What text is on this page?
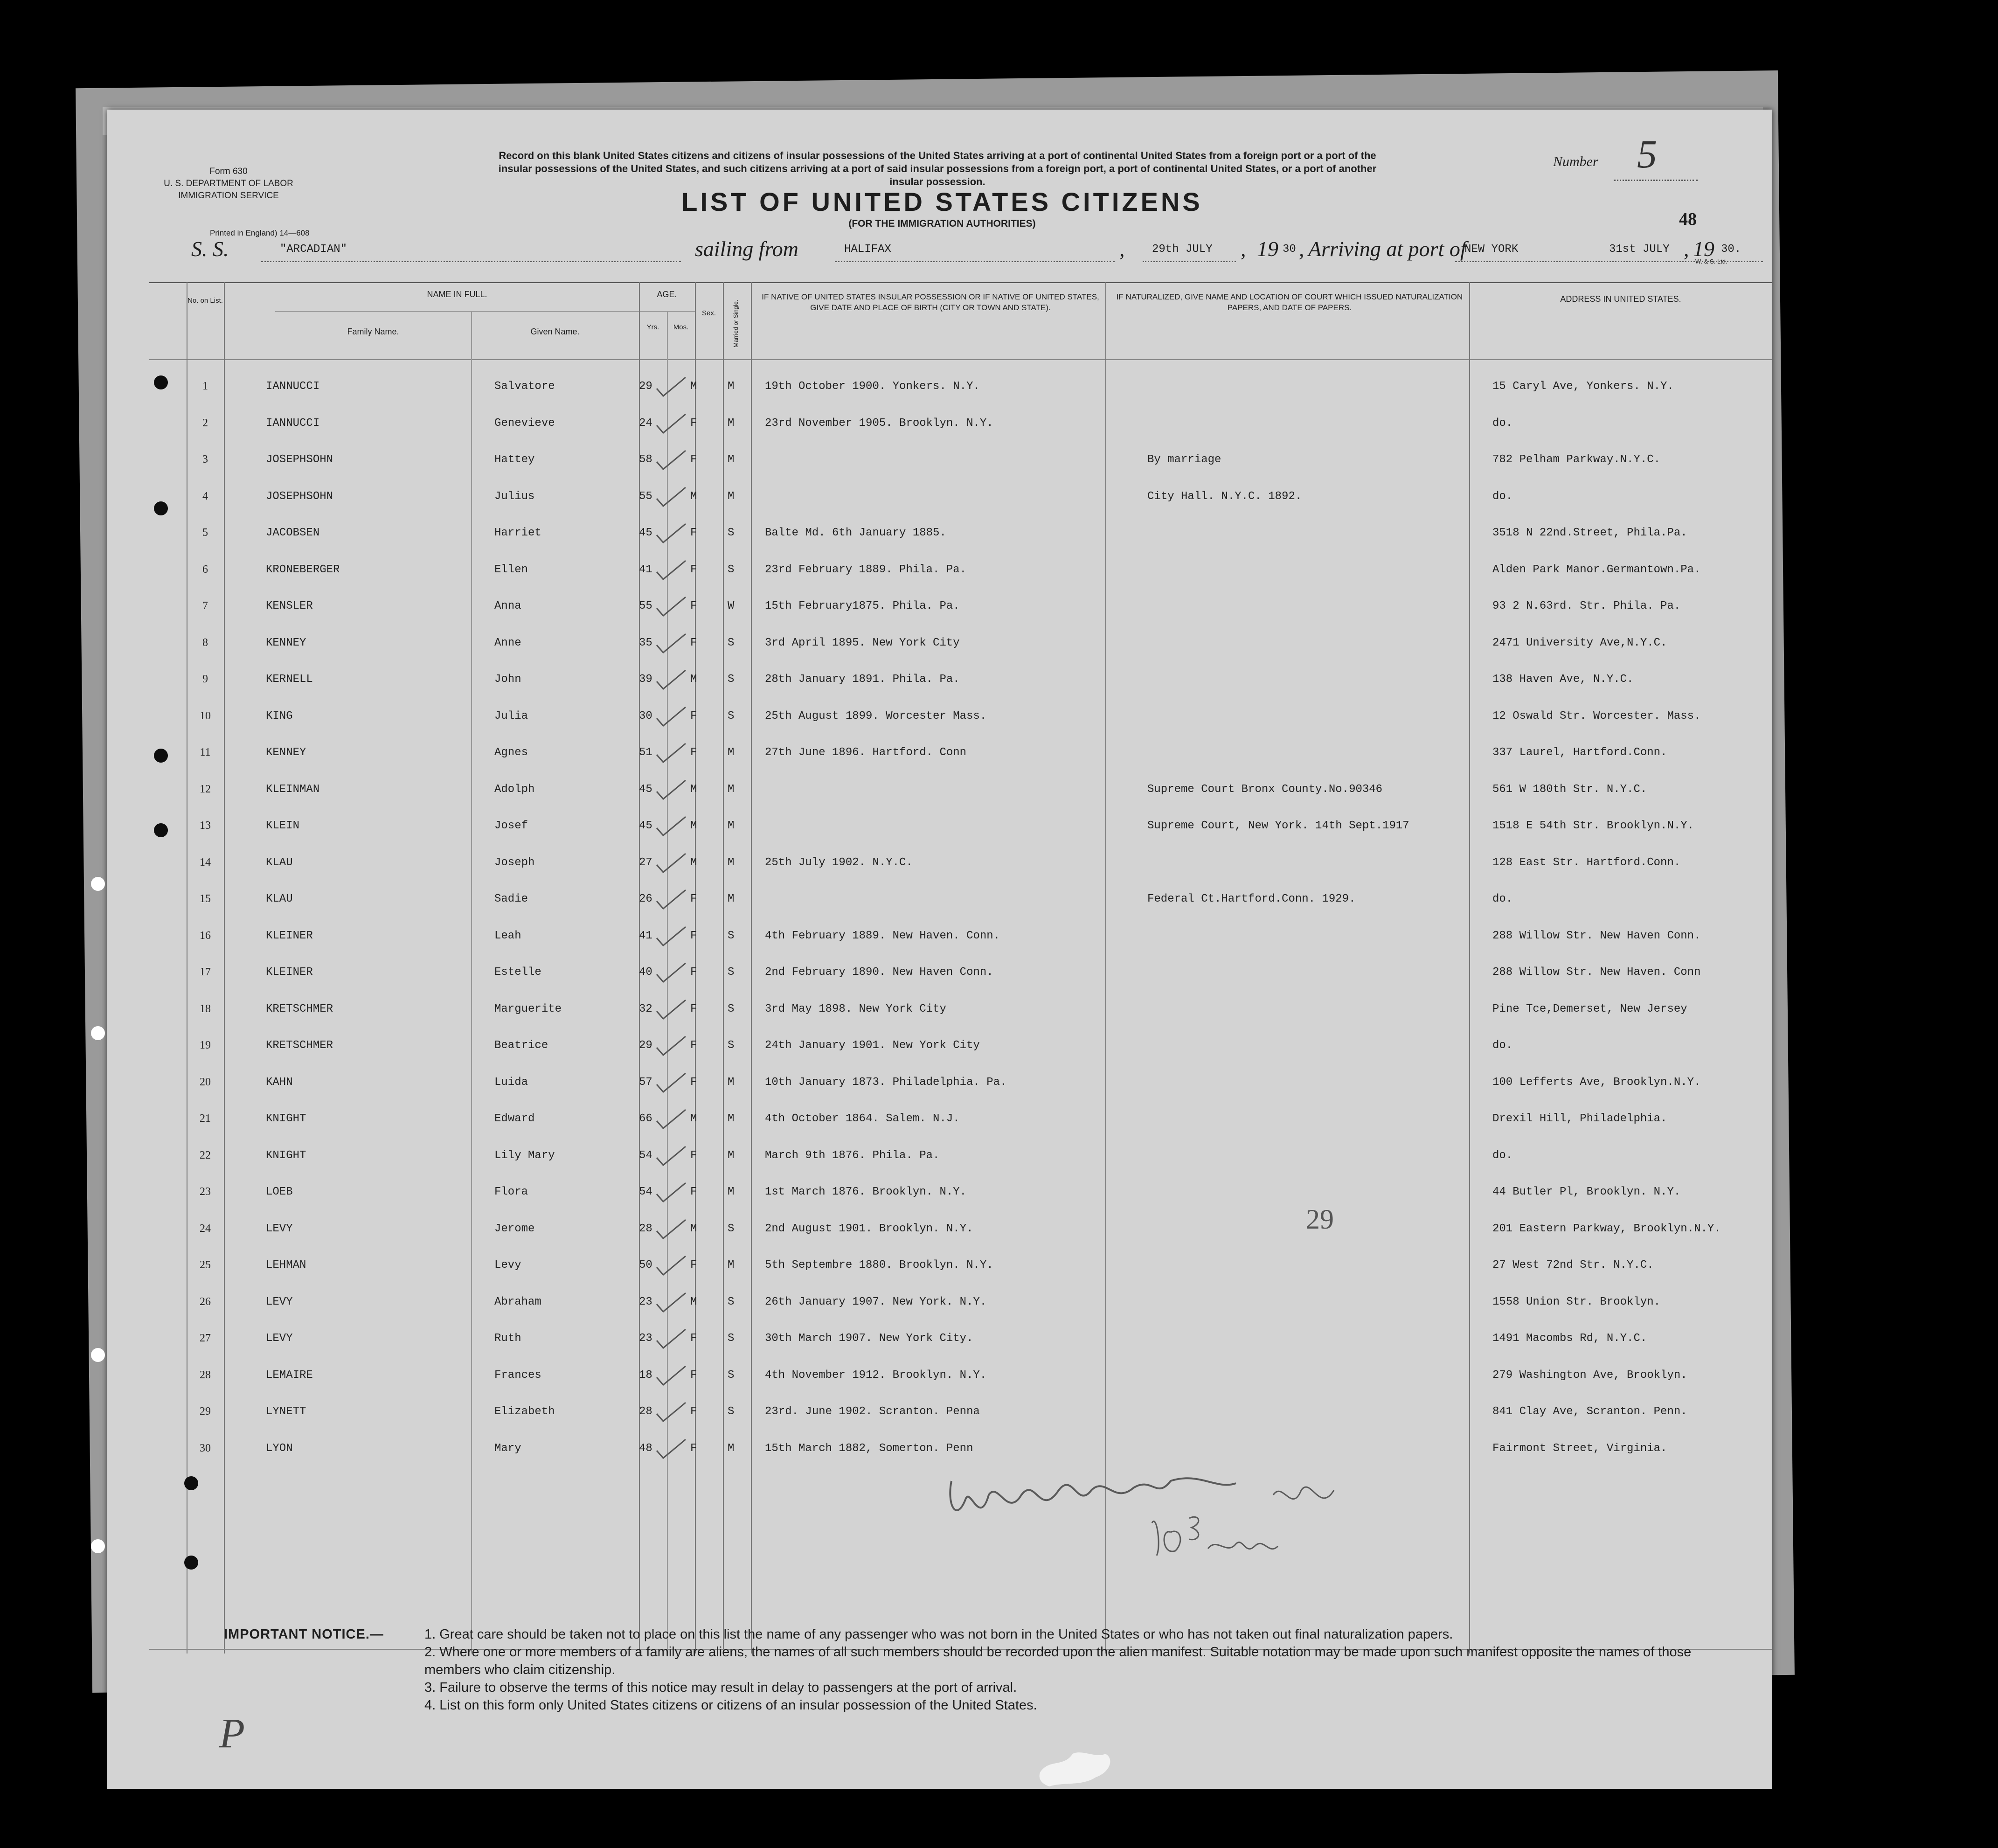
Form 630
U. S. DEPARTMENT OF LABOR
IMMIGRATION SERVICE
Printed in England) 14—608
Record on this blank United States citizens and citizens of insular possessions of the United States arriving at a port of continental United States from a foreign port or a port of the insular possessions of the United States, and such citizens arriving at a port of said insular possessions from a foreign port, a port of continental United States, or a port of another insular possession.
LIST OF UNITED STATES CITIZENS
(FOR THE IMMIGRATION AUTHORITIES)
Number 5
48
W. & S. Ltd.
S. S.	"ARCADIAN"	sailing from	HALIFAX	, 29th JULY , 19 30 , Arriving at port of
NEW YORK	31st JULY , 19 30.
No. on List.
NAME IN FULL.
Family Name.	Given Name.
AGE.
Yrs.	Mos.
Sex.	Married or Single.
IF NATIVE OF UNITED STATES INSULAR POSSESSION OR IF NATIVE OF UNITED STATES, GIVE DATE AND PLACE OF BIRTH (CITY OR TOWN AND STATE).
IF NATURALIZED, GIVE NAME AND LOCATION OF COURT WHICH ISSUED NATURALIZATION PAPERS, AND DATE OF PAPERS.
ADDRESS IN UNITED STATES.
1	IANNUCCI	Salvatore	29	M	M	19th October 1900. Yonkers. N.Y.	15 Caryl Ave, Yonkers. N.Y.
2	IANNUCCI	Genevieve	24	F	M	23rd November 1905. Brooklyn. N.Y.	do.
3	JOSEPHSOHN	Hattey	58	F	M	By marriage	782 Pelham Parkway.N.Y.C.
4	JOSEPHSOHN	Julius	55	M	M	City Hall. N.Y.C. 1892.	do.
5	JACOBSEN	Harriet	45	F	S	Balte Md. 6th January 1885.	3518 N 22nd.Street, Phila.Pa.
6	KRONEBERGER	Ellen	41	F	S	23rd February 1889. Phila. Pa.	Alden Park Manor.Germantown.Pa.
7	KENSLER	Anna	55	F	W	15th February1875. Phila. Pa.	93 2 N.63rd. Str. Phila. Pa.
8	KENNEY	Anne	35	F	S	3rd April 1895. New York City	2471 University Ave,N.Y.C.
9	KERNELL	John	39	M	S	28th January 1891. Phila. Pa.	138 Haven Ave, N.Y.C.
10	KING	Julia	30	F	S	25th August 1899. Worcester Mass.	12 Oswald Str. Worcester. Mass.
11	KENNEY	Agnes	51	F	M	27th June 1896. Hartford. Conn	337 Laurel, Hartford.Conn.
12	KLEINMAN	Adolph	45	M	M	Supreme Court Bronx County.No.90346	561 W 180th Str. N.Y.C.
13	KLEIN	Josef	45	M	M	Supreme Court, New York. 14th Sept.1917	1518 E 54th Str. Brooklyn.N.Y.
14	KLAU	Joseph	27	M	M	25th July 1902. N.Y.C.	128 East Str. Hartford.Conn.
15	KLAU	Sadie	26	F	M	Federal Ct.Hartford.Conn. 1929.	do.
16	KLEINER	Leah	41	F	S	4th February 1889. New Haven. Conn.	288 Willow Str. New Haven Conn.
17	KLEINER	Estelle	40	F	S	2nd February 1890. New Haven Conn.	288 Willow Str. New Haven. Conn
18	KRETSCHMER	Marguerite	32	F	S	3rd May 1898. New York City	Pine Tce,Demerset, New Jersey
19	KRETSCHMER	Beatrice	29	F	S	24th January 1901. New York City	do.
20	KAHN	Luida	57	F	M	10th January 1873. Philadelphia. Pa.	100 Lefferts Ave, Brooklyn.N.Y.
21	KNIGHT	Edward	66	M	M	4th October 1864. Salem. N.J.	Drexil Hill, Philadelphia.
22	KNIGHT	Lily Mary	54	F	M	March 9th 1876. Phila. Pa.	do.
23	LOEB	Flora	54	F	M	1st March 1876. Brooklyn. N.Y.	44 Butler Pl, Brooklyn. N.Y.
24	LEVY	Jerome	28	M	S	2nd August 1901. Brooklyn. N.Y.	201 Eastern Parkway, Brooklyn.N.Y.
25	LEHMAN	Levy	50	F	M	5th Septembre 1880. Brooklyn. N.Y.	27 West 72nd Str. N.Y.C.
26	LEVY	Abraham	23	M	S	26th January 1907. New York. N.Y.	1558 Union Str. Brooklyn.
27	LEVY	Ruth	23	F	S	30th March 1907. New York City.	1491 Macombs Rd, N.Y.C.
28	LEMAIRE	Frances	18	F	S	4th November 1912. Brooklyn. N.Y.	279 Washington Ave, Brooklyn.
29	LYNETT	Elizabeth	28	F	S	23rd. June 1902. Scranton. Penna	841 Clay Ave, Scranton. Penn.
30	LYON	Mary	48	F	M	15th March 1882, Somerton. Penn	Fairmont Street, Virginia.
29
IMPORTANT NOTICE.—	1. Great care should be taken not to place on this list the name of any passenger who was not born in the United States or who has not taken out final naturalization papers.
2. Where one or more members of a family are aliens, the names of all such members should be recorded upon the alien manifest. Suitable notation may be made upon such manifest opposite the names of those members who claim citizenship.
3. Failure to observe the terms of this notice may result in delay to passengers at the port of arrival.
4. List on this form only United States citizens or citizens of an insular possession of the United States.
P
